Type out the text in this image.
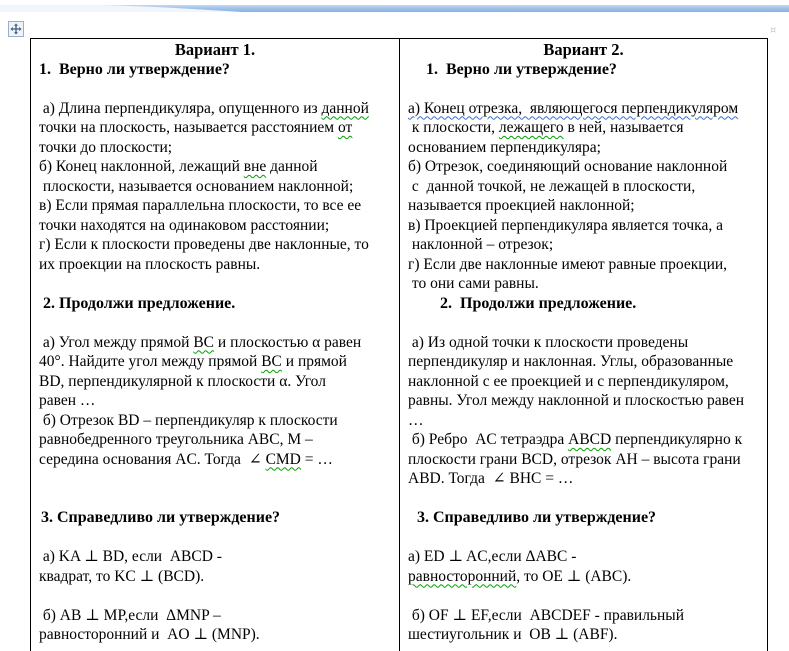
¤
Вариант 1.
1.  Верно ли утверждение?

а) Длина перпендикуляра, опущенного из данной
точки на плоскость, называется расстоянием от
точки до плоскости;
б) Конец наклонной, лежащий вне данной
плоскости, называется основанием наклонной;
в) Если прямая параллельна плоскости, то все ее
точки находятся на одинаковом расстоянии;
г) Если к плоскости проведены две наклонные, то
их проекции на плоскость равны.

2. Продолжи предложение.

а) Угол между прямой BC и плоскостью α равен
40°. Найдите угол между прямой BC и прямой
BD, перпендикулярной к плоскости α. Угол
равен …
б) Отрезок BD – перпендикуляр к плоскости
равнобедренного треугольника ABC, M –
середина основания AC. Тогда  ∠ CMD = …

3. Справедливо ли утверждение?

а) KA ⊥ BD, если  ABCD -
квадрат, то KC ⊥ (BCD).

б) AB ⊥ MP,если  ΔMNP –
равносторонний и  AO ⊥ (MNP).
Вариант 2.
1.  Верно ли утверждение?

а) Конец отрезка,  являющегося перпендикуляром
к плоскости, лежащего в ней, называется
основанием перпендикуляра;
б) Отрезок, соединяющий основание наклонной
с  данной точкой, не лежащей в плоскости,
называется проекцией наклонной;
в) Проекцией перпендикуляра является точка, а
наклонной – отрезок;
г) Если две наклонные имеют равные проекции,
то они сами равны.
2.  Продолжи предложение.

а) Из одной точки к плоскости проведены
перпендикуляр и наклонная. Углы, образованные
наклонной с ее проекцией и с перпендикуляром,
равны. Угол между наклонной и плоскостью равен
…
б) Ребро  AC тетраэдра ABCD перпендикулярно к
плоскости грани BCD, отрезок AH – высота грани
ABD. Тогда  ∠ BHC = …

3. Справедливо ли утверждение?

а) ED ⊥ AC,если ΔABC -
равносторонний, то OE ⊥ (ABC).

б) OF ⊥ EF,если  ABCDEF - правильный
шестиугольник и  OB ⊥ (ABF).
